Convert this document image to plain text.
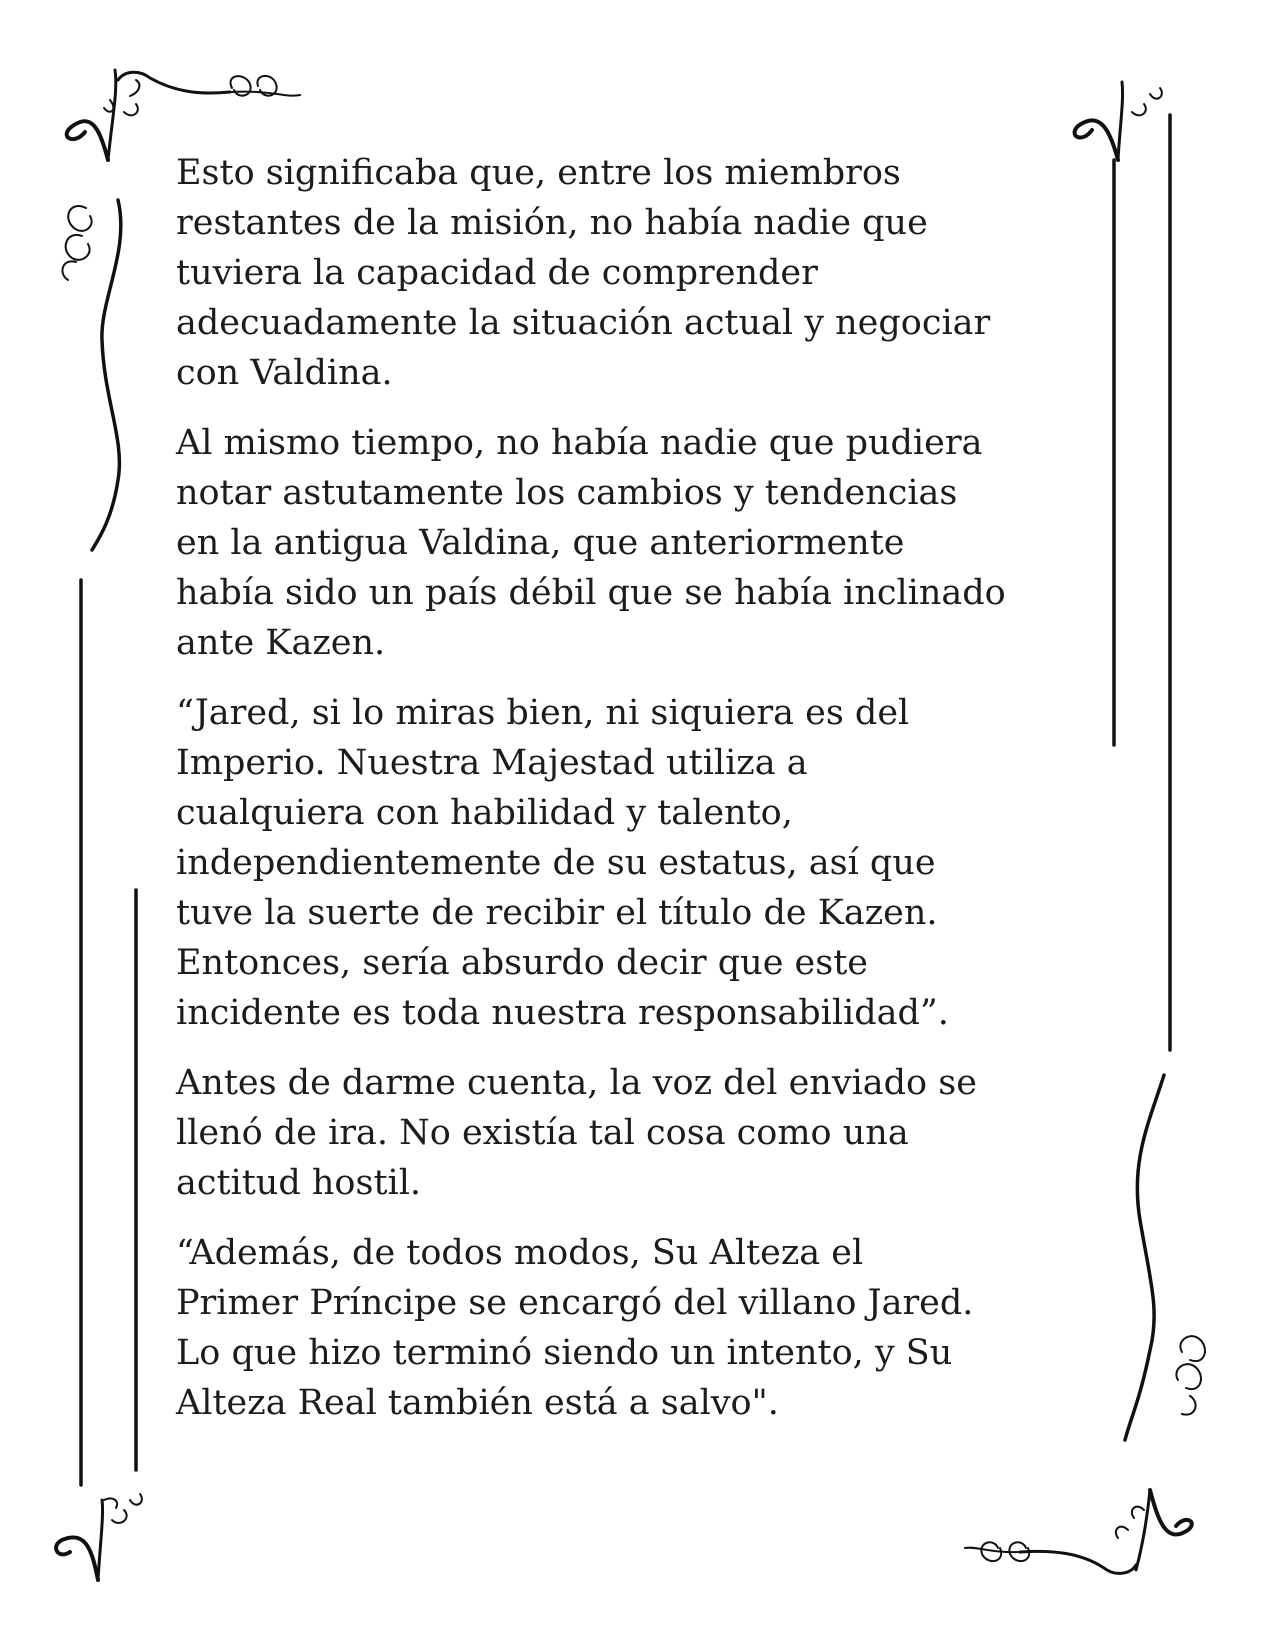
Esto significaba que, entre los miembros
restantes de la misión, no había nadie que
tuviera la capacidad de comprender
adecuadamente la situación actual y negociar
con Valdina.

Al mismo tiempo, no había nadie que pudiera
notar astutamente los cambios y tendencias
en la antigua Valdina, que anteriormente
había sido un país débil que se había inclinado
ante Kazen.

“Jared, si lo miras bien, ni siquiera es del
Imperio. Nuestra Majestad utiliza a
cualquiera con habilidad y talento,
independientemente de su estatus, así que
tuve la suerte de recibir el título de Kazen.
Entonces, sería absurdo decir que este
incidente es toda nuestra responsabilidad”.

Antes de darme cuenta, la voz del enviado se
llenó de ira. No existía tal cosa como una
actitud hostil.

“Además, de todos modos, Su Alteza el
Primer Príncipe se encargó del villano Jared.
Lo que hizo terminó siendo un intento, y Su
Alteza Real también está a salvo".
